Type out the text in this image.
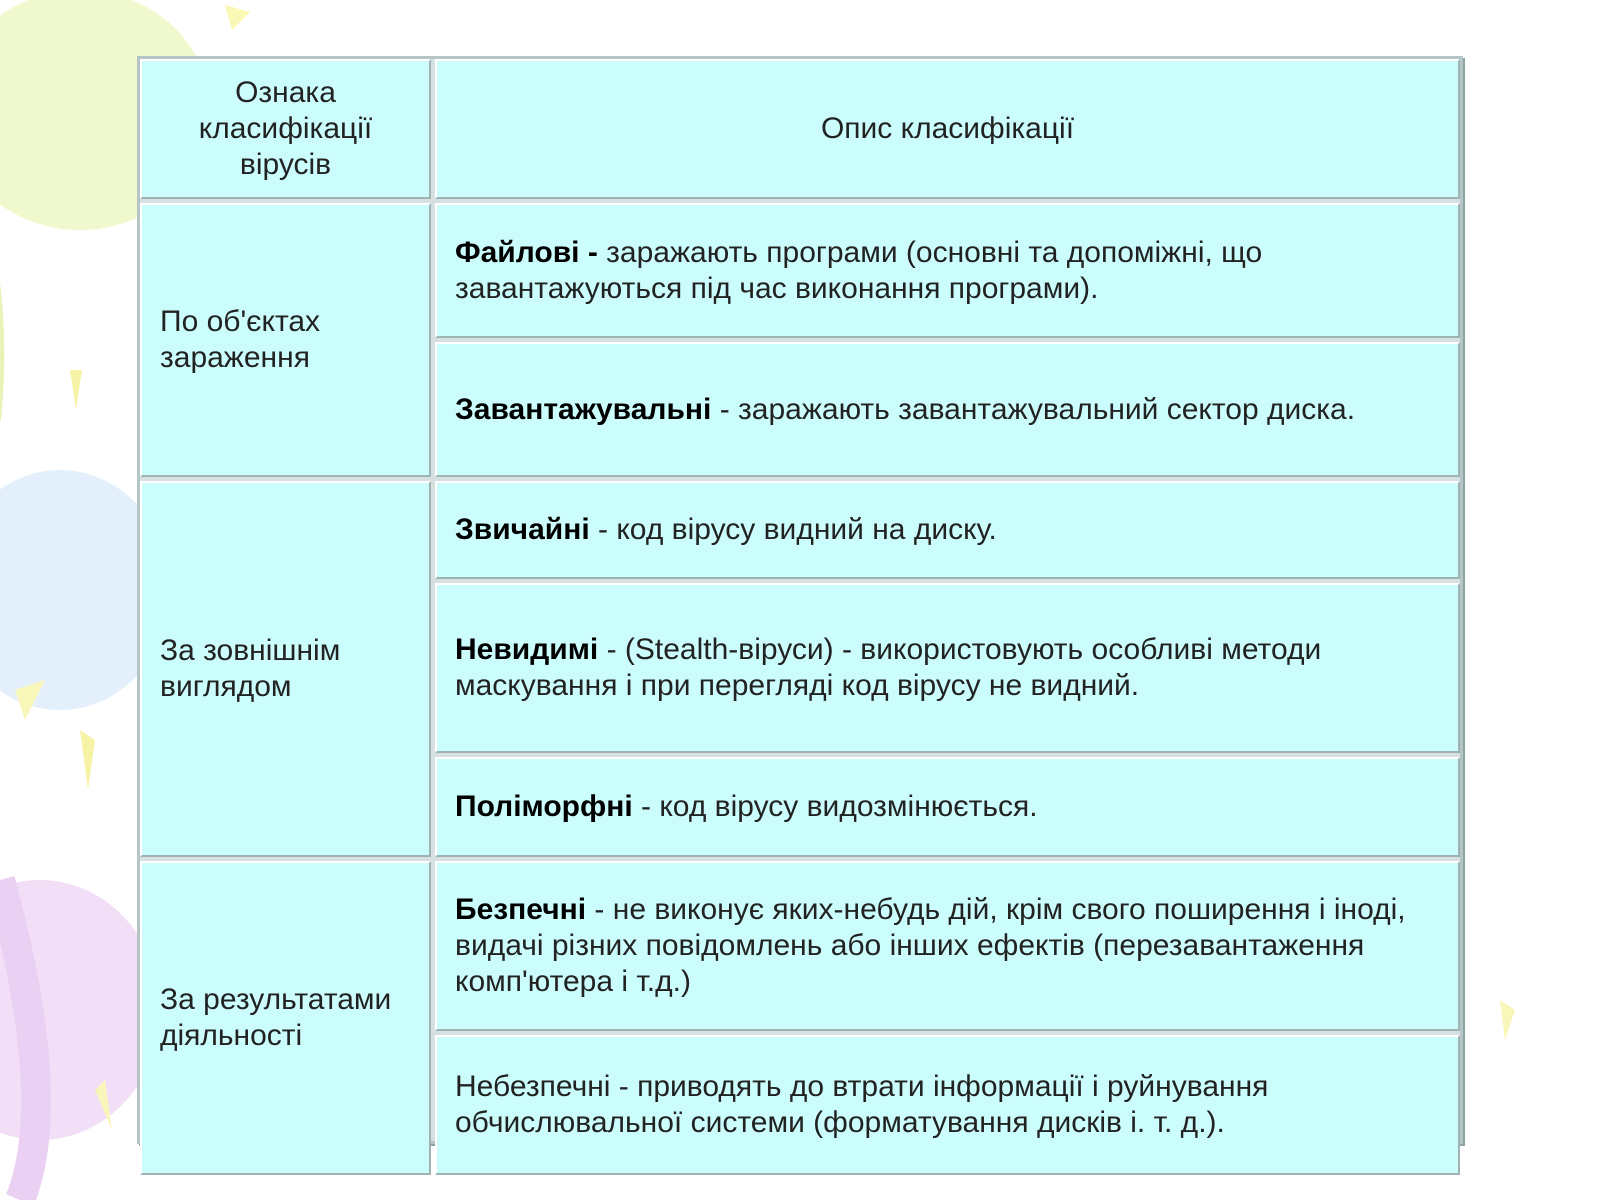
Ознака класифікації вірусів
Опис класифікації
По об'єктах зараження
Файлові - заражають програми (основні та допоміжні, що завантажуються під час виконання програми).
Завантажувальні - заражають завантажувальний сектор диска.
За зовнішнім виглядом
Звичайні - код вірусу видний на диску.
Невидимі - (Stealth-віруси) - використовують особливі методи маскування і при перегляді код вірусу не видний.
Поліморфні - код вірусу видозмінюється.
За результатами діяльності
Безпечні - не виконує яких-небудь дій, крім свого поширення і іноді, видачі різних повідомлень або інших ефектів (перезавантаження комп'ютера і т.д.)
Небезпечні - приводять до втрати інформації і руйнування обчислювальної системи (форматування дисків і. т. д.).
